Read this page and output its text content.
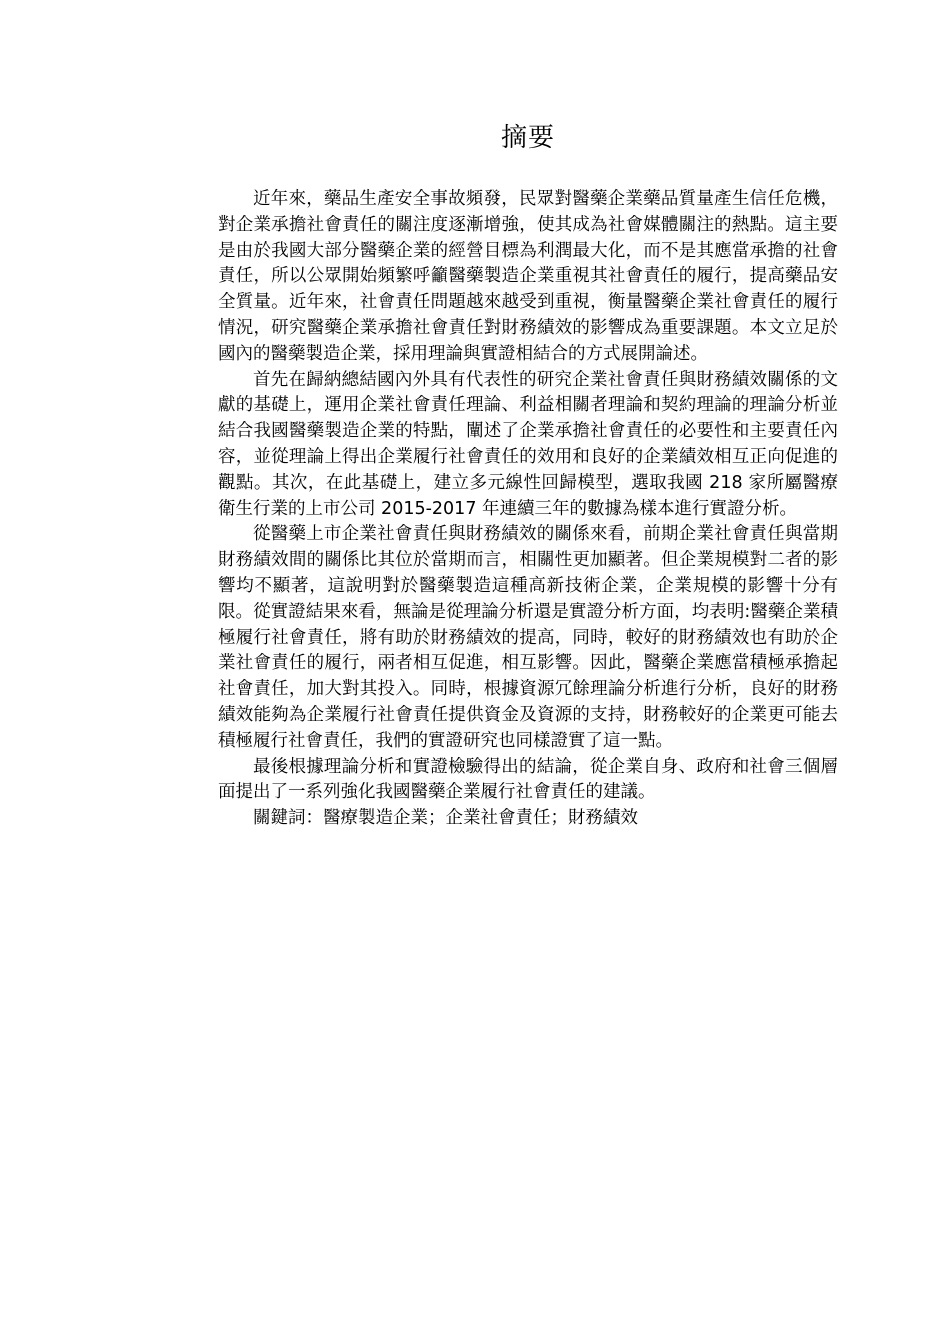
摘要

近年來，藥品生產安全事故頻發，民眾對醫藥企業藥品質量產生信任危機，對企業承擔社會責任的關注度逐漸增強，使其成為社會媒體關注的熱點。這主要是由於我國大部分醫藥企業的經營目標為利潤最大化，而不是其應當承擔的社會責任，所以公眾開始頻繁呼籲醫藥製造企業重視其社會責任的履行，提高藥品安全質量。近年來，社會責任問題越來越受到重視，衡量醫藥企業社會責任的履行情況，研究醫藥企業承擔社會責任對財務績效的影響成為重要課題。本文立足於國內的醫藥製造企業，採用理論與實證相結合的方式展開論述。

首先在歸納總結國內外具有代表性的研究企業社會責任與財務績效關係的文獻的基礎上，運用企業社會責任理論、利益相關者理論和契約理論的理論分析並結合我國醫藥製造企業的特點，闡述了企業承擔社會責任的必要性和主要責任內容，並從理論上得出企業履行社會責任的效用和良好的企業績效相互正向促進的觀點。其次，在此基礎上，建立多元線性回歸模型，選取我國 218 家所屬醫療衛生行業的上市公司 2015-2017 年連續三年的數據為樣本進行實證分析。

從醫藥上市企業社會責任與財務績效的關係來看，前期企業社會責任與當期財務績效間的關係比其位於當期而言，相關性更加顯著。但企業規模對二者的影響均不顯著，這說明對於醫藥製造這種高新技術企業，企業規模的影響十分有限。從實證結果來看，無論是從理論分析還是實證分析方面，均表明:醫藥企業積極履行社會責任，將有助於財務績效的提高，同時，較好的財務績效也有助於企業社會責任的履行，兩者相互促進，相互影響。因此，醫藥企業應當積極承擔起社會責任，加大對其投入。同時，根據資源冗餘理論分析進行分析，良好的財務績效能夠為企業履行社會責任提供資金及資源的支持，財務較好的企業更可能去積極履行社會責任，我們的實證研究也同樣證實了這一點。

最後根據理論分析和實證檢驗得出的結論，從企業自身、政府和社會三個層面提出了一系列強化我國醫藥企業履行社會責任的建議。

關鍵詞：醫療製造企業；企業社會責任；財務績效
